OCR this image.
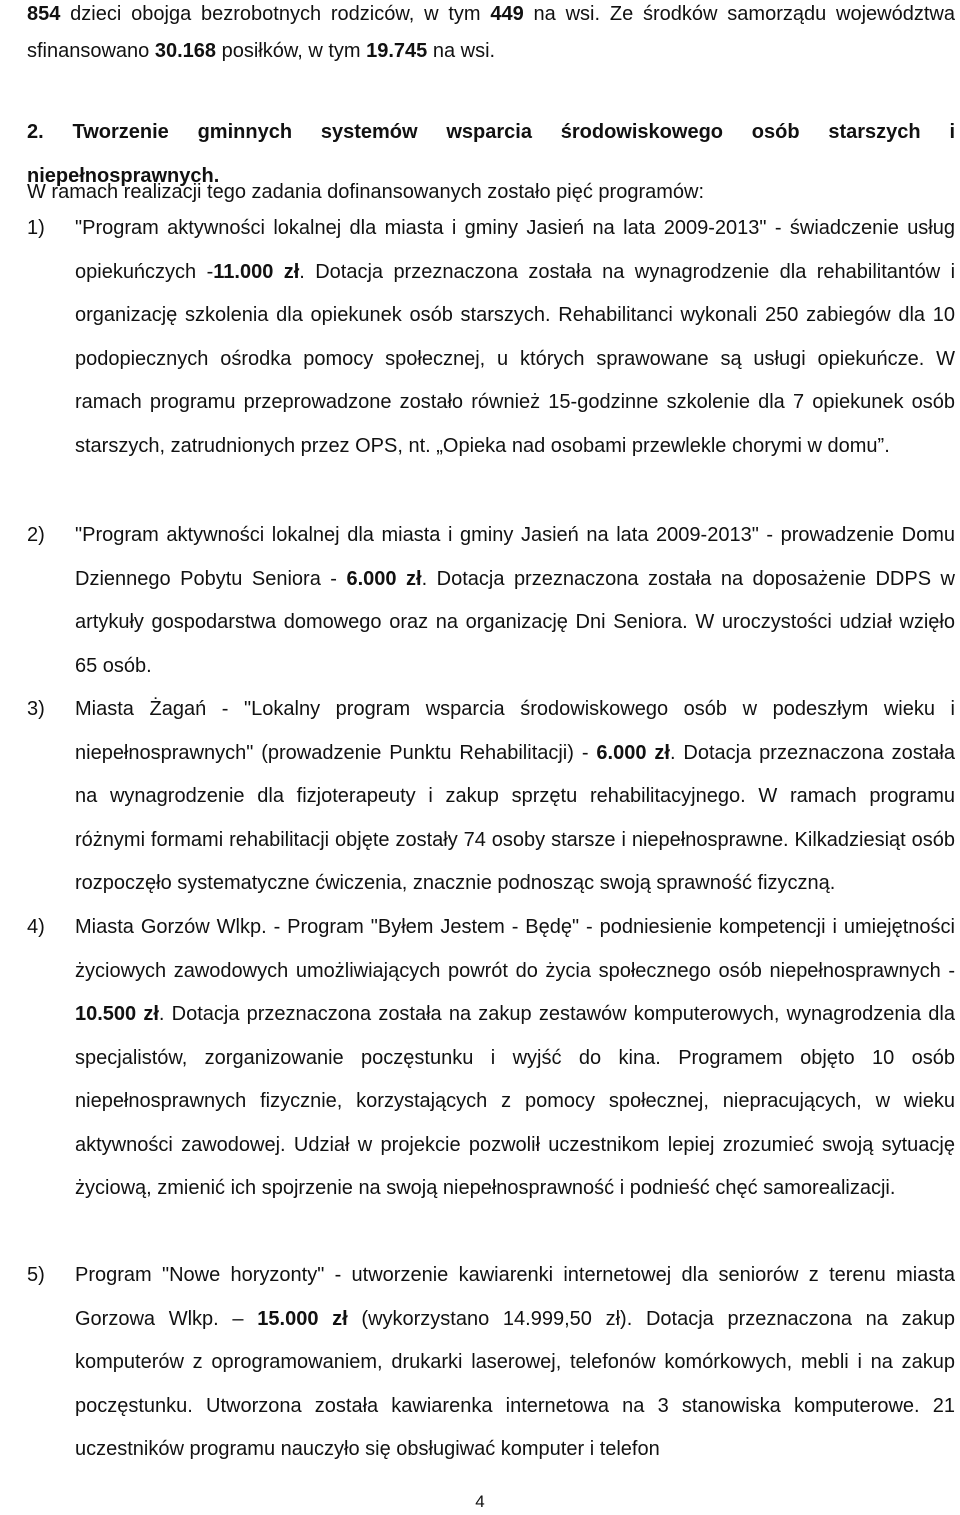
854 dzieci obojga bezrobotnych rodziców, w tym 449 na wsi. Ze środków samorządu województwa sfinansowano 30.168 posiłków, w tym 19.745 na wsi.

2. Tworzenie gminnych systemów wsparcia środowiskowego osób starszych i niepełnosprawnych.

W ramach realizacji tego zadania dofinansowanych zostało pięć programów:

1)	"Program aktywności lokalnej dla miasta i gminy Jasień na lata 2009-2013" - świadczenie usług opiekuńczych -11.000 zł. Dotacja przeznaczona została na wynagrodzenie dla rehabilitantów i organizację szkolenia dla opiekunek osób starszych. Rehabilitanci wykonali 250 zabiegów dla 10 podopiecznych ośrodka pomocy społecznej, u których sprawowane są usługi opiekuńcze. W ramach programu przeprowadzone zostało również 15-godzinne szkolenie dla 7 opiekunek osób starszych, zatrudnionych przez OPS, nt. „Opieka nad osobami przewlekle chorymi w domu”.
2)	"Program aktywności lokalnej dla miasta i gminy Jasień na lata 2009-2013" - prowadzenie Domu Dziennego Pobytu Seniora - 6.000 zł. Dotacja przeznaczona została na doposażenie DDPS w artykuły gospodarstwa domowego oraz na organizację Dni Seniora. W uroczystości udział wzięło 65 osób.
3)	Miasta Żagań - "Lokalny program wsparcia środowiskowego osób w podeszłym wieku i niepełnosprawnych" (prowadzenie Punktu Rehabilitacji) - 6.000 zł. Dotacja przeznaczona została na wynagrodzenie dla fizjoterapeuty i zakup sprzętu rehabilitacyjnego. W ramach programu różnymi formami rehabilitacji objęte zostały 74 osoby starsze i niepełnosprawne. Kilkadziesiąt osób rozpoczęło systematyczne ćwiczenia, znacznie podnosząc swoją sprawność fizyczną.
4)	Miasta Gorzów Wlkp. - Program "Byłem Jestem - Będę" - podniesienie kompetencji i umiejętności życiowych zawodowych umożliwiających powrót do życia społecznego osób niepełnosprawnych - 10.500 zł. Dotacja przeznaczona została na zakup zestawów komputerowych, wynagrodzenia dla specjalistów, zorganizowanie poczęstunku i wyjść do kina. Programem objęto 10 osób niepełnosprawnych fizycznie, korzystających z pomocy społecznej, niepracujących, w wieku aktywności zawodowej. Udział w projekcie pozwolił uczestnikom lepiej zrozumieć swoją sytuację życiową, zmienić ich spojrzenie na swoją niepełnosprawność i podnieść chęć samorealizacji.
5)	Program "Nowe horyzonty" - utworzenie kawiarenki internetowej dla seniorów z terenu miasta Gorzowa Wlkp. – 15.000 zł (wykorzystano 14.999,50 zł). Dotacja przeznaczona na zakup komputerów z oprogramowaniem, drukarki laserowej, telefonów komórkowych, mebli i na zakup poczęstunku. Utworzona została kawiarenka internetowa na 3 stanowiska komputerowe. 21 uczestników programu nauczyło się obsługiwać komputer i telefon
4
